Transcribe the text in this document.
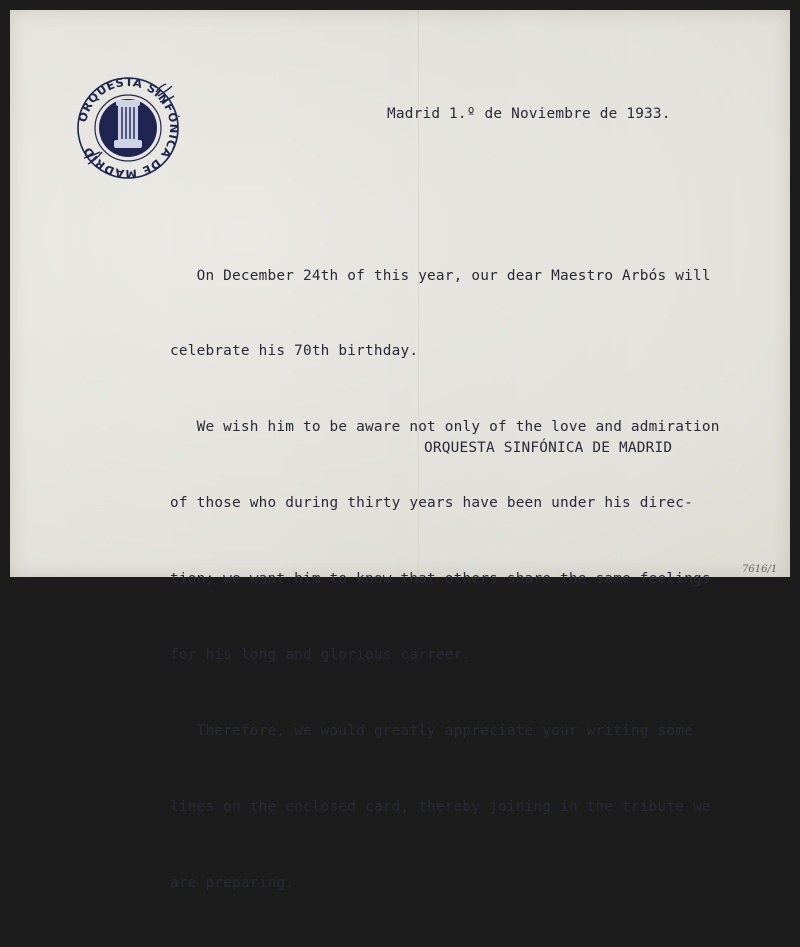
ORQUESTA SINFÓNICA DE MADRID
Madrid 1.º de Noviembre de 1933.

On December 24th of this year, our dear Maestro Arbós will

celebrate his 70th birthday.

We wish him to be aware not only of the love and admiration

of those who during thirty years have been under his direc-

tion; we want him to know that others share the same feelings

for his long and glorious carreer.

Therefore, we would greatly appreciate your writing some

lines on the enclosed card, thereby joining in the tribute we

are preparing.

ORQUESTA SINFÓNICA DE MADRID
7616/1
